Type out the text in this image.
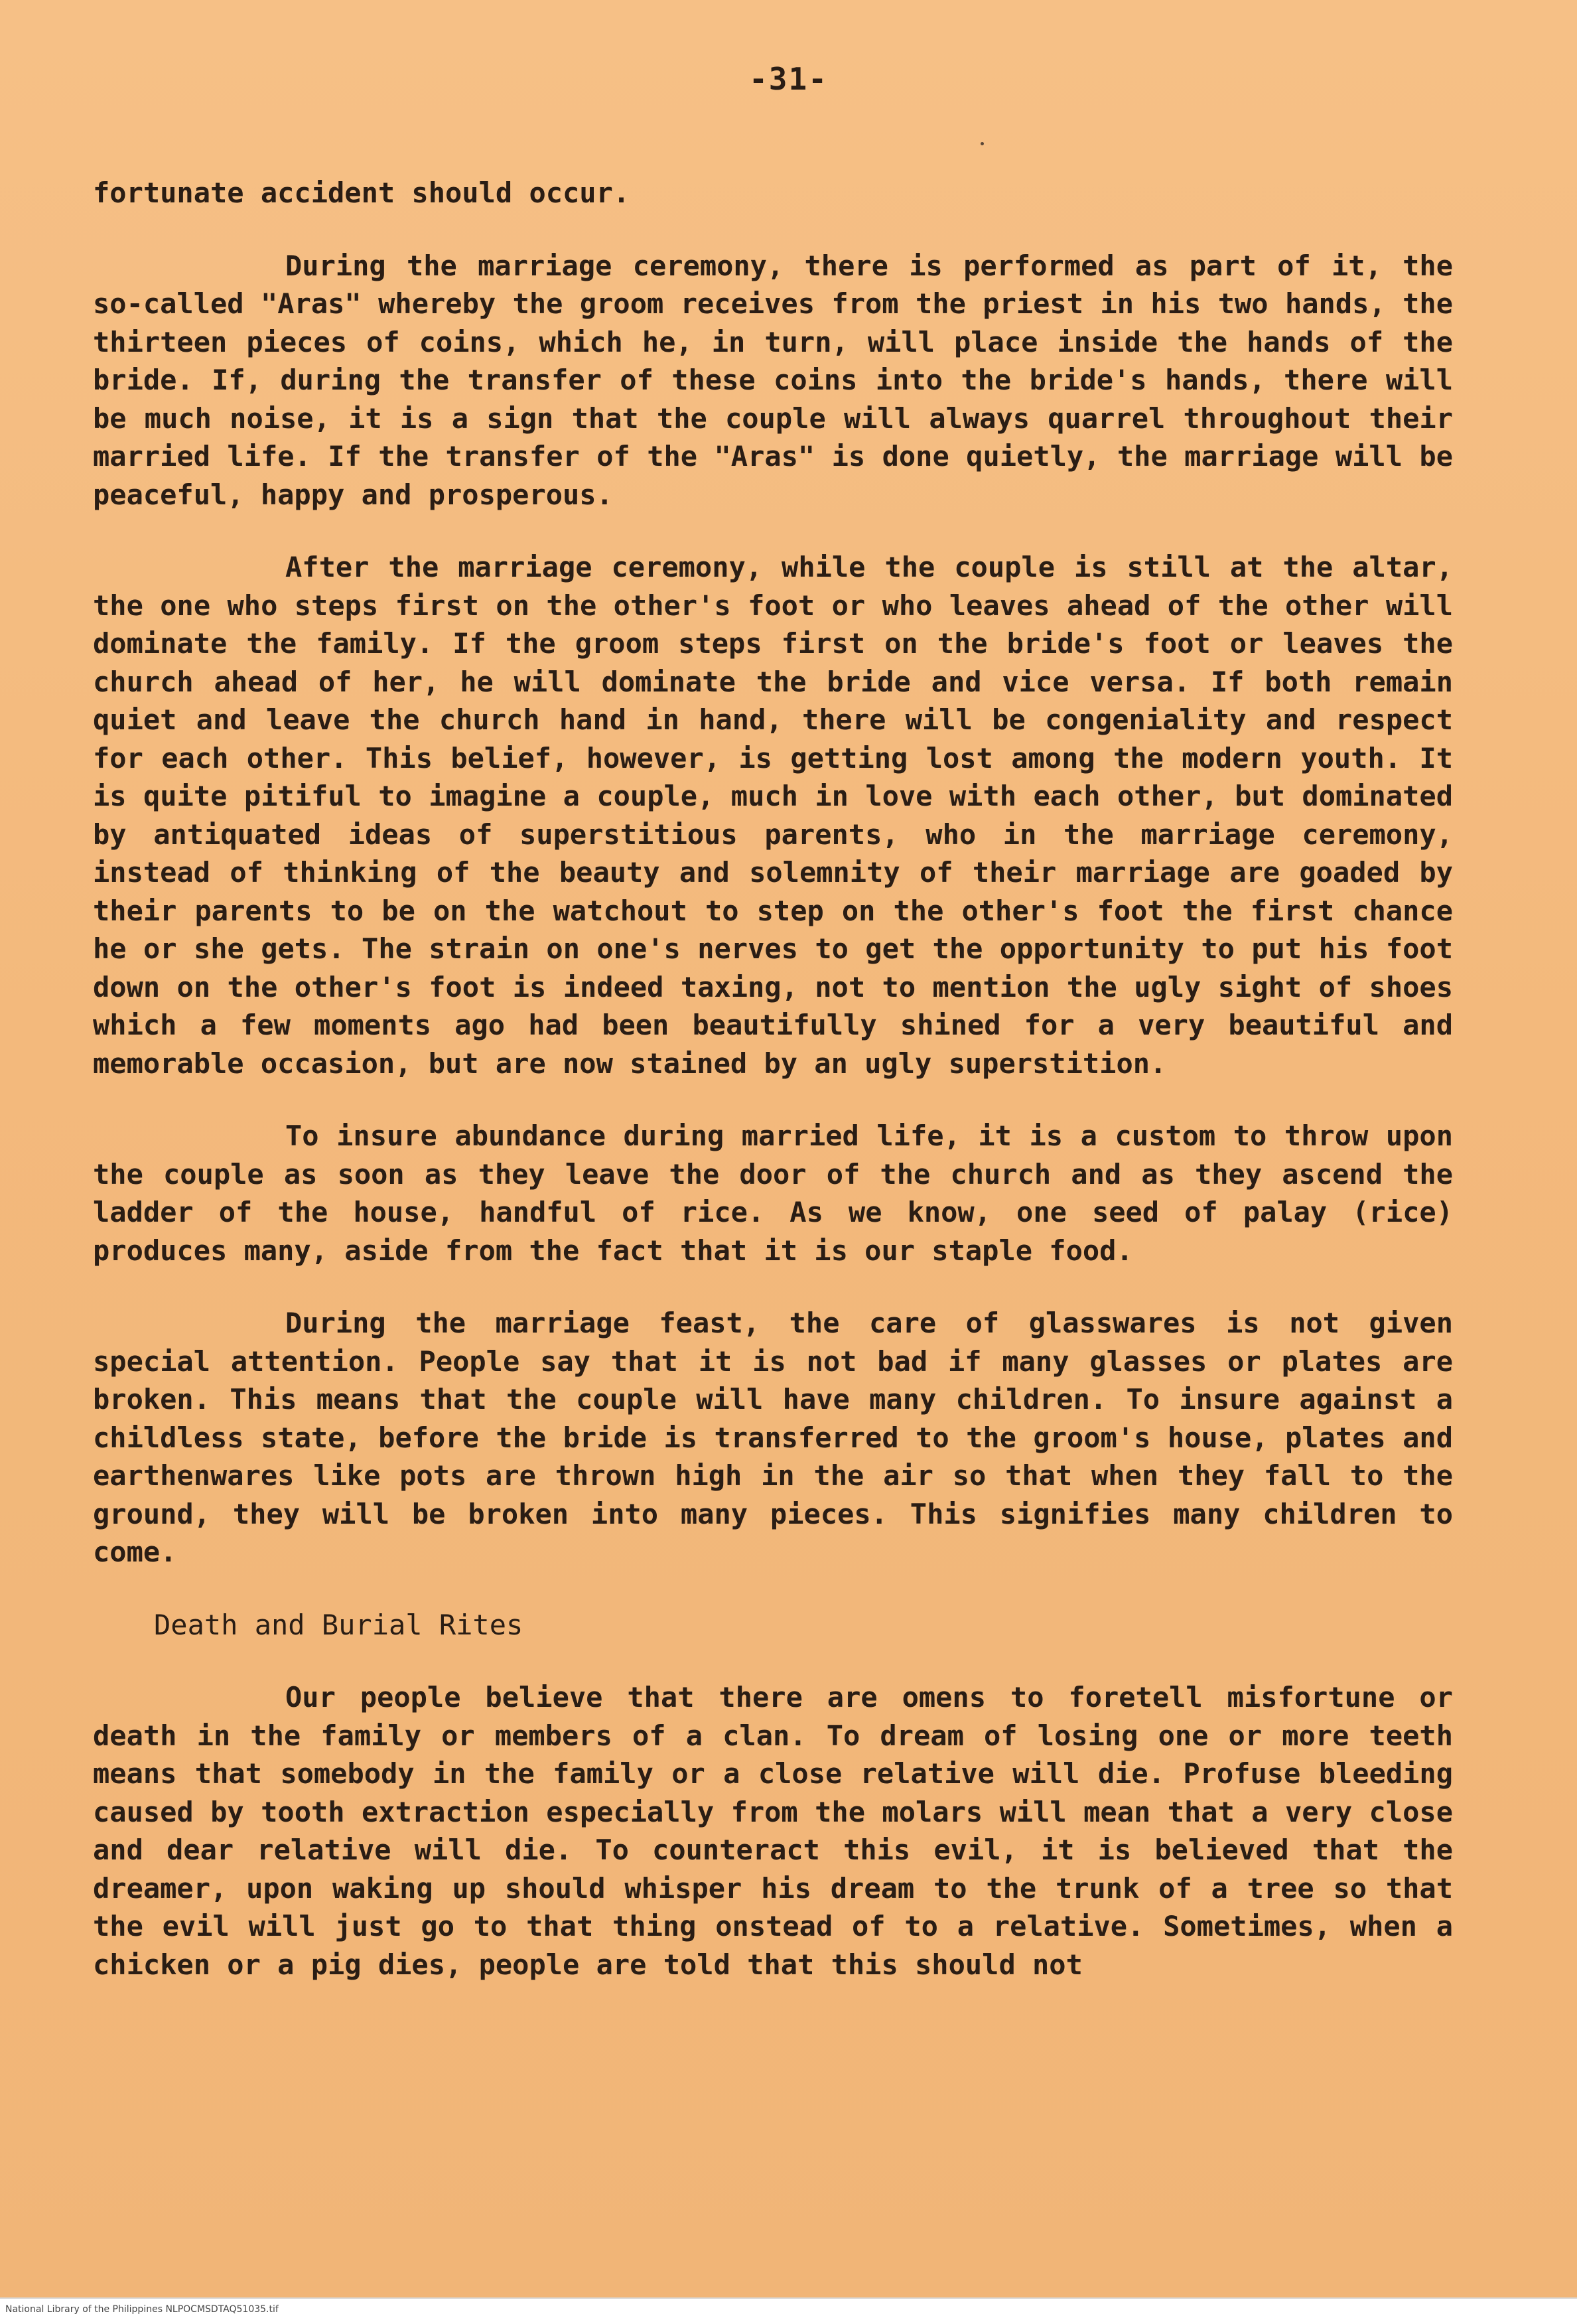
-31-

fortunate accident should occur.

During the marriage ceremony, there is performed as part of it, the so-called "Aras" whereby the groom receives from the priest in his two hands, the thirteen pieces of coins, which he, in turn, will place inside the hands of the bride. If, during the transfer of these coins into the bride's hands, there will be much noise, it is a sign that the couple will always quarrel throughout their married life. If the transfer of the "Aras" is done quietly, the marriage will be peaceful, happy and prosperous.

After the marriage ceremony, while the couple is still at the altar, the one who steps first on the other's foot or who leaves ahead of the other will dominate the family. If the groom steps first on the bride's foot or leaves the church ahead of her, he will dominate the bride and vice versa. If both remain quiet and leave the church hand in hand, there will be congeniality and respect for each other. This belief, however, is getting lost among the modern youth. It is quite pitiful to imagine a couple, much in love with each other, but dominated by antiquated ideas of superstitious parents, who in the marriage ceremony, instead of thinking of the beauty and solemnity of their marriage are goaded by their parents to be on the watchout to step on the other's foot the first chance he or she gets. The strain on one's nerves to get the opportunity to put his foot down on the other's foot is indeed taxing, not to mention the ugly sight of shoes which a few moments ago had been beautifully shined for a very beautiful and memorable occasion, but are now stained by an ugly superstition.

To insure abundance during married life, it is a custom to throw upon the couple as soon as they leave the door of the church and as they ascend the ladder of the house, handful of rice. As we know, one seed of palay (rice) produces many, aside from the fact that it is our staple food.

During the marriage feast, the care of glasswares is not given special attention. People say that it is not bad if many glasses or plates are broken. This means that the couple will have many children. To insure against a childless state, before the bride is transferred to the groom's house, plates and earthenwares like pots are thrown high in the air so that when they fall to the ground, they will be broken into many pieces. This signifies many children to come.

Death and Burial Rites

Our people believe that there are omens to foretell misfortune or death in the family or members of a clan. To dream of losing one or more teeth means that somebody in the family or a close relative will die. Profuse bleeding caused by tooth extraction especially from the molars will mean that a very close and dear relative will die. To counteract this evil, it is believed that the dreamer, upon waking up should whisper his dream to the trunk of a tree so that the evil will just go to that thing onstead of to a relative. Sometimes, when a chicken or a pig dies, people are told that this should not

National Library of the Philippines NLPOCMSDTAQ51035.tif
